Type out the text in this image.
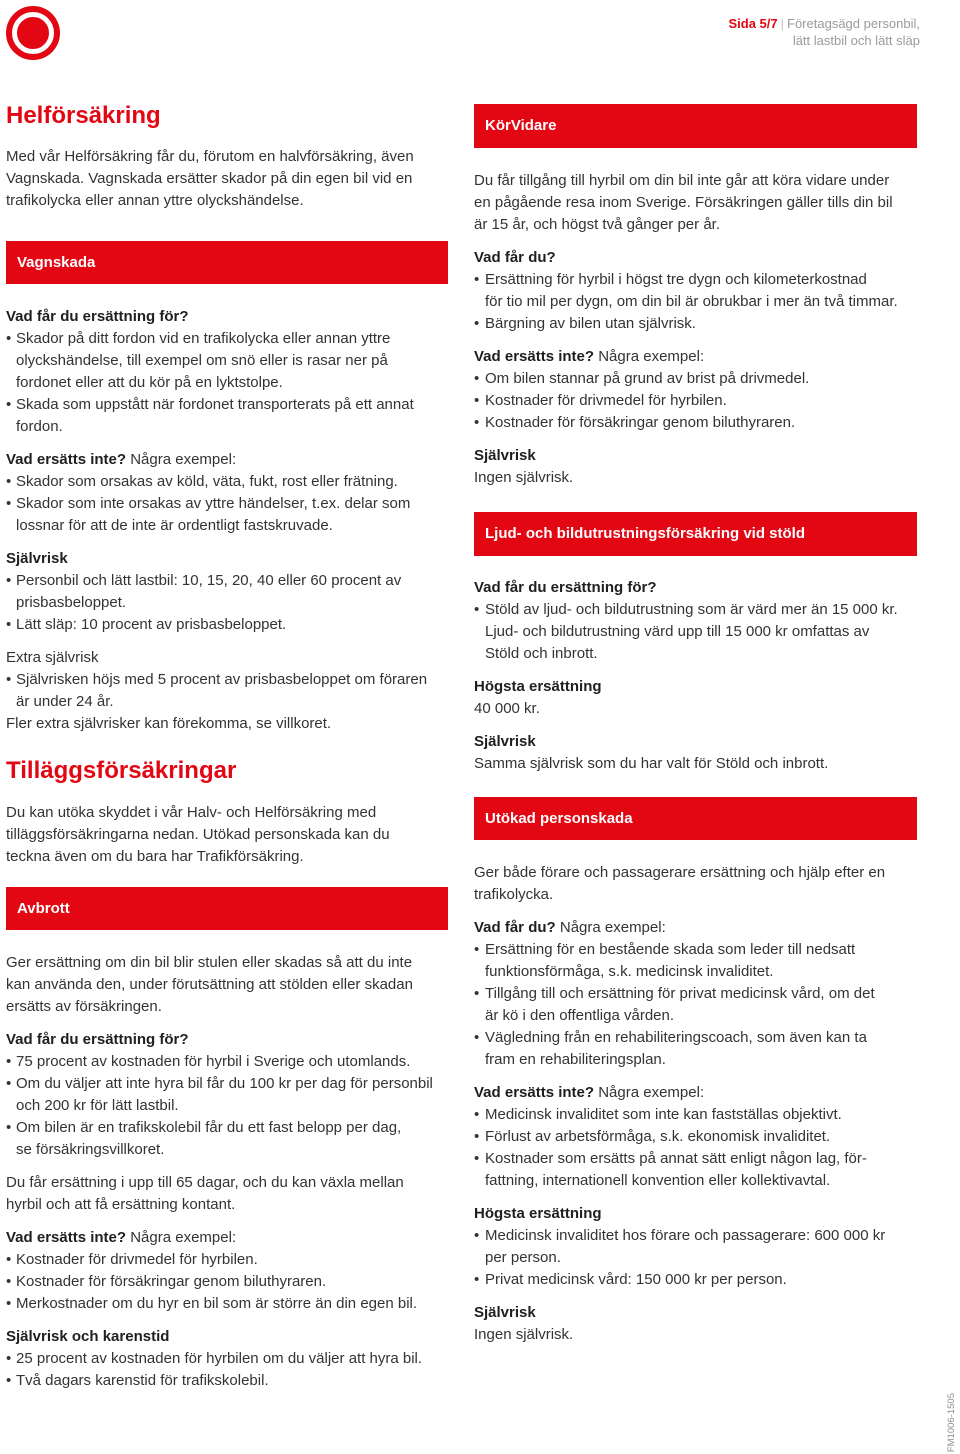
Sida 5/7 | Företagsägd personbil,
lätt lastbil och lätt släp
Helförsäkring

Med vår Helförsäkring får du, förutom en halvförsäkring, även
Vagnskada. Vagnskada ersätter skador på din egen bil vid en
trafikolycka eller annan yttre olyckshändelse.

Vagnskada
Vad får du ersättning för?
• Skador på ditt fordon vid en trafikolycka eller annan yttre
olyckshändelse, till exempel om snö eller is rasar ner på
fordonet eller att du kör på en lyktstolpe.
• Skada som uppstått när fordonet transporterats på ett annat
fordon.
Vad ersätts inte? Några exempel:
• Skador som orsakas av köld, väta, fukt, rost eller frätning.
• Skador som inte orsakas av yttre händelser, t.ex. delar som
lossnar för att de inte är ordentligt fastskruvade.
Självrisk
• Personbil och lätt lastbil: 10, 15, 20, 40 eller 60 procent av
prisbasbeloppet.
• Lätt släp: 10 procent av prisbasbeloppet.
Extra självrisk
• Självrisken höjs med 5 procent av prisbasbeloppet om föraren
är under 24 år.

Fler extra självrisker kan förekomma, se villkoret.

Tilläggsförsäkringar

Du kan utöka skyddet i vår Halv- och Helförsäkring med
tilläggsförsäkringarna nedan. Utökad personskada kan du
teckna även om du bara har Trafikförsäkring.

Avbrott

Ger ersättning om din bil blir stulen eller skadas så att du inte
kan använda den, under förutsättning att stölden eller skadan
ersätts av försäkringen.

Vad får du ersättning för?
• 75 procent av kostnaden för hyrbil i Sverige och utomlands.
• Om du väljer att inte hyra bil får du 100 kr per dag för personbil
och 200 kr för lätt lastbil.
• Om bilen är en trafikskolebil får du ett fast belopp per dag,
se försäkringsvillkoret.

Du får ersättning i upp till 65 dagar, och du kan växla mellan
hyrbil och att få ersättning kontant.

Vad ersätts inte? Några exempel:
• Kostnader för drivmedel för hyrbilen.
• Kostnader för försäkringar genom biluthyraren.
• Merkostnader om du hyr en bil som är större än din egen bil.
Självrisk och karenstid
• 25 procent av kostnaden för hyrbilen om du väljer att hyra bil.
• Två dagars karenstid för trafikskolebil.
KörVidare

Du får tillgång till hyrbil om din bil inte går att köra vidare under
en pågående resa inom Sverige. Försäkringen gäller tills din bil
är 15 år, och högst två gånger per år.

Vad får du?
• Ersättning för hyrbil i högst tre dygn och kilometerkostnad
för tio mil per dygn, om din bil är obrukbar i mer än två timmar.
• Bärgning av bilen utan självrisk.
Vad ersätts inte? Några exempel:
• Om bilen stannar på grund av brist på drivmedel.
• Kostnader för drivmedel för hyrbilen.
• Kostnader för försäkringar genom biluthyraren.
Självrisk

Ingen självrisk.

Ljud- och bildutrustningsförsäkring vid stöld
Vad får du ersättning för?
• Stöld av ljud- och bildutrustning som är värd mer än 15 000 kr.
Ljud- och bildutrustning värd upp till 15 000 kr omfattas av
Stöld och inbrott.
Högsta ersättning

40 000 kr.

Självrisk

Samma självrisk som du har valt för Stöld och inbrott.

Utökad personskada

Ger både förare och passagerare ersättning och hjälp efter en
trafikolycka.

Vad får du? Några exempel:
• Ersättning för en bestående skada som leder till nedsatt
funktionsförmåga, s.k. medicinsk invaliditet.
• Tillgång till och ersättning för privat medicinsk vård, om det
är kö i den offentliga vården.
• Vägledning från en rehabiliteringscoach, som även kan ta
fram en rehabiliteringsplan.
Vad ersätts inte? Några exempel:
• Medicinsk invaliditet som inte kan fastställas objektivt.
• Förlust av arbetsförmåga, s.k. ekonomisk invaliditet.
• Kostnader som ersätts på annat sätt enligt någon lag, för-
fattning, internationell konvention eller kollektivavtal.
Högsta ersättning
• Medicinsk invaliditet hos förare och passagerare: 600 000 kr
per person.
• Privat medicinsk vård: 150 000 kr per person.
Självrisk

Ingen självrisk.

FM1006-1505
